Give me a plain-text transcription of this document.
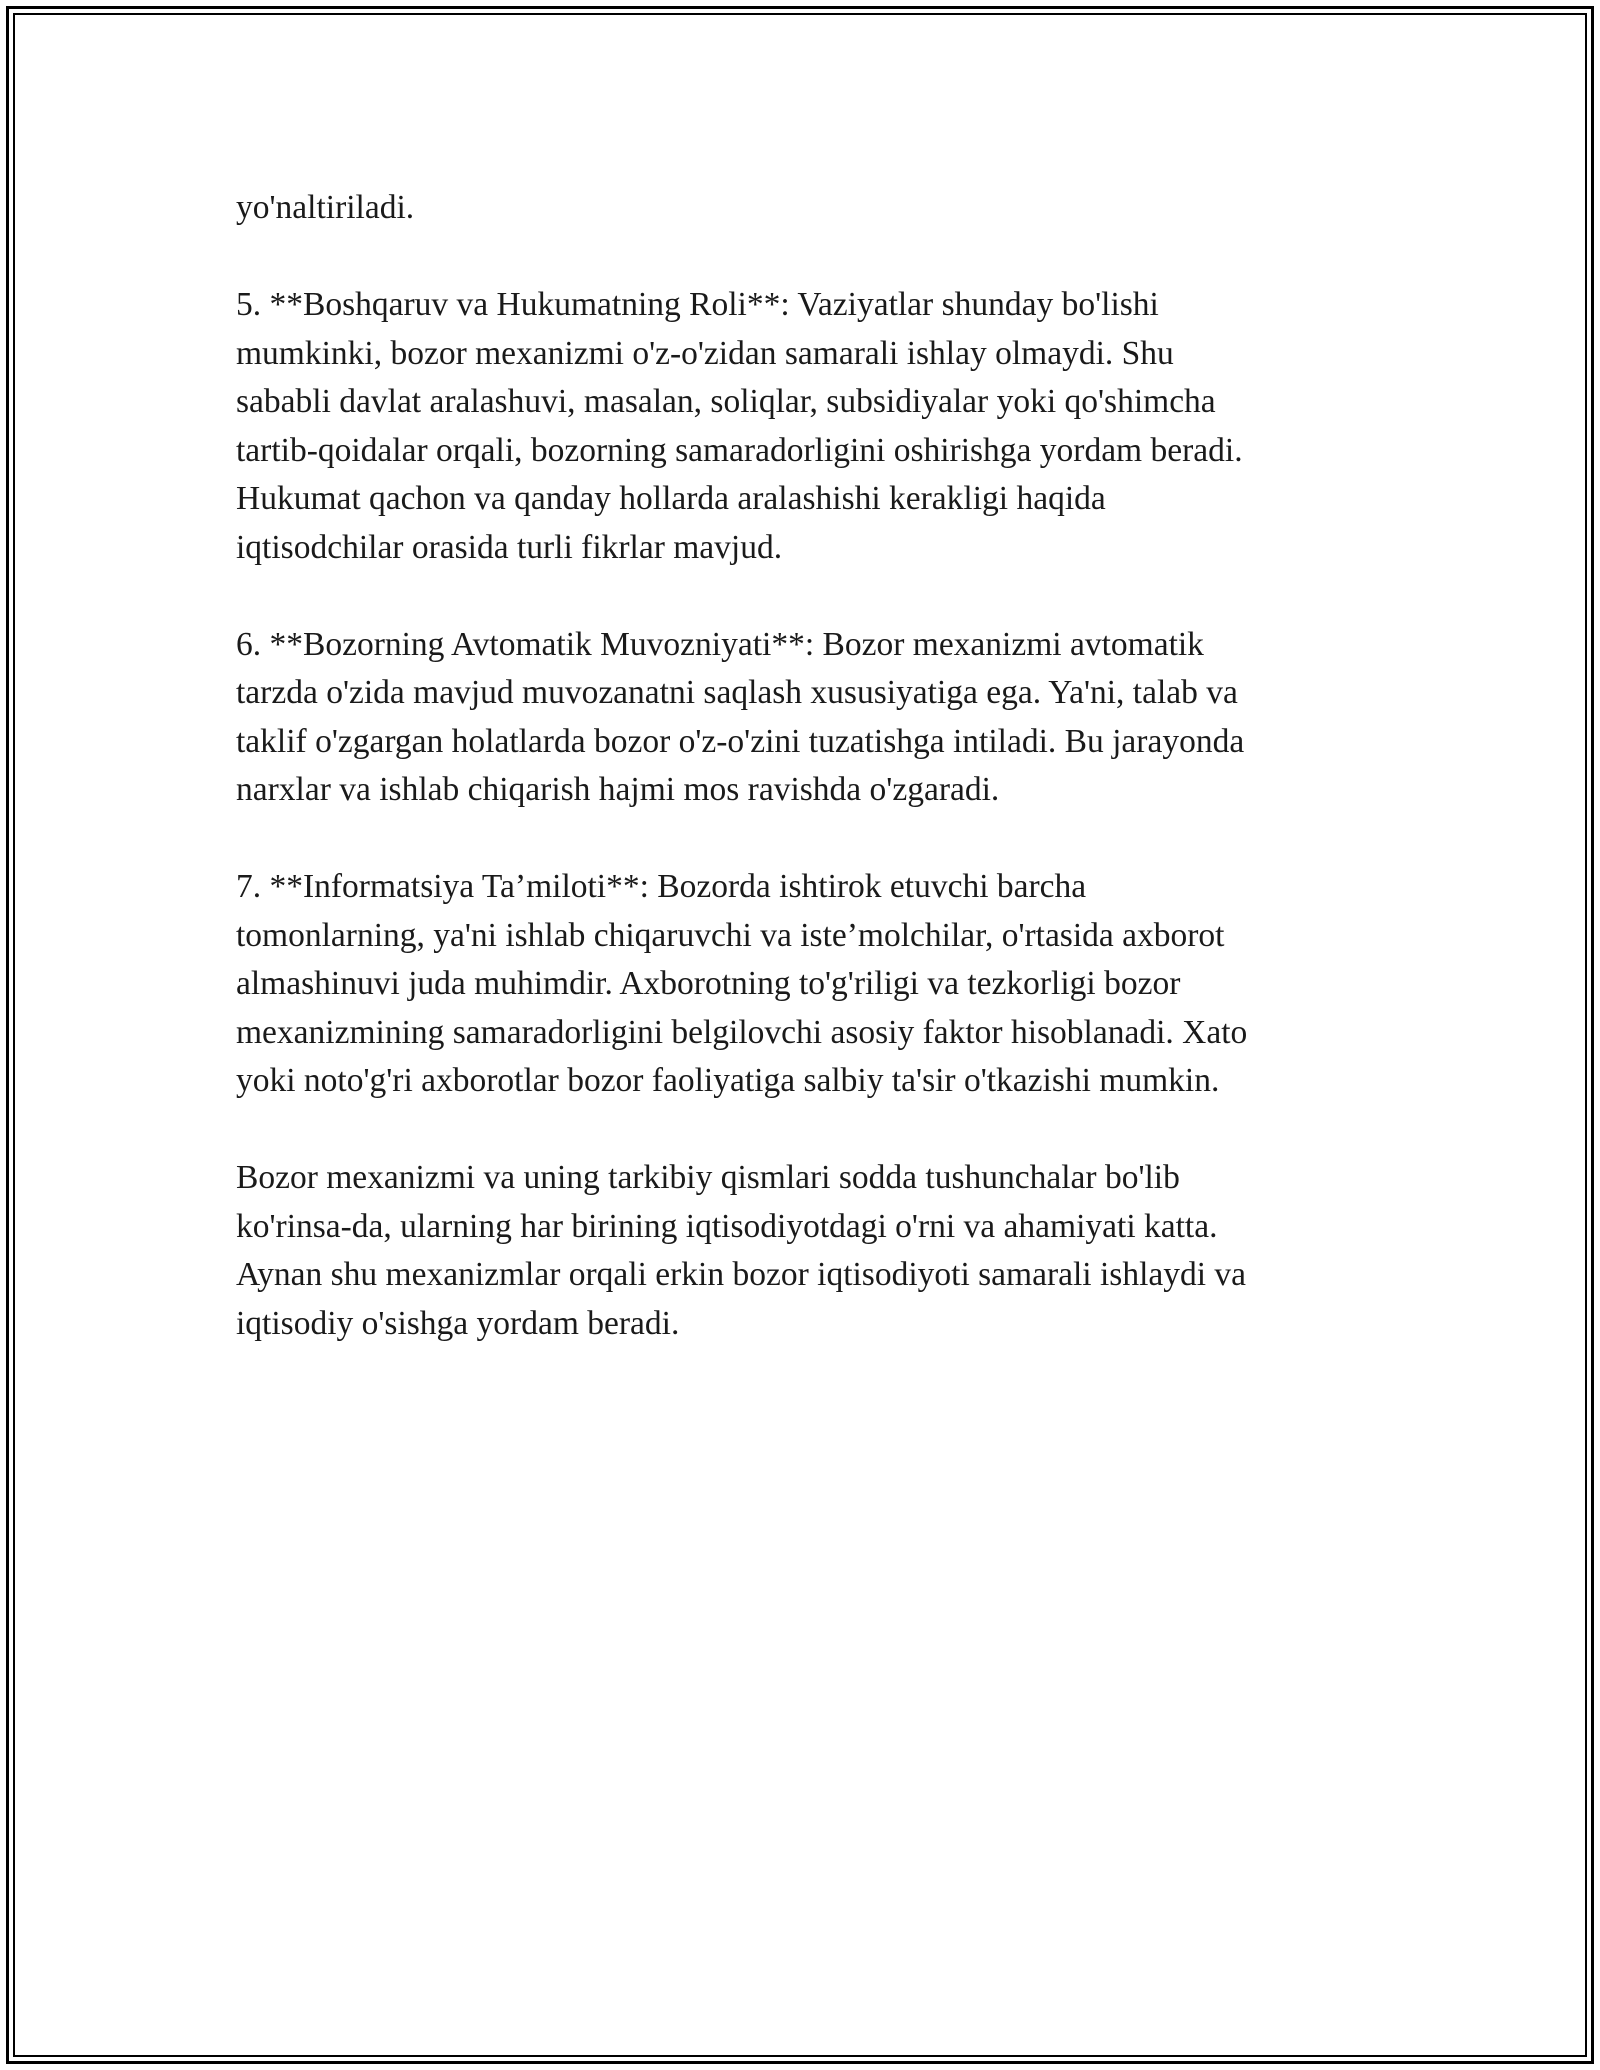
yo'naltiriladi.

5. **Boshqaruv va Hukumatning Roli**: Vaziyatlar shunday bo'lishi
mumkinki, bozor mexanizmi o'z-o'zidan samarali ishlay olmaydi. Shu
sababli davlat aralashuvi, masalan, soliqlar, subsidiyalar yoki qo'shimcha
tartib-qoidalar orqali, bozorning samaradorligini oshirishga yordam beradi.
Hukumat qachon va qanday hollarda aralashishi kerakligi haqida
iqtisodchilar orasida turli fikrlar mavjud.

6. **Bozorning Avtomatik Muvozniyati**: Bozor mexanizmi avtomatik
tarzda o'zida mavjud muvozanatni saqlash xususiyatiga ega. Ya'ni, talab va
taklif o'zgargan holatlarda bozor o'z-o'zini tuzatishga intiladi. Bu jarayonda
narxlar va ishlab chiqarish hajmi mos ravishda o'zgaradi.

7. **Informatsiya Ta’miloti**: Bozorda ishtirok etuvchi barcha
tomonlarning, ya'ni ishlab chiqaruvchi va iste’molchilar, o'rtasida axborot
almashinuvi juda muhimdir. Axborotning to'g'riligi va tezkorligi bozor
mexanizmining samaradorligini belgilovchi asosiy faktor hisoblanadi. Xato
yoki noto'g'ri axborotlar bozor faoliyatiga salbiy ta'sir o'tkazishi mumkin.

Bozor mexanizmi va uning tarkibiy qismlari sodda tushunchalar bo'lib
ko'rinsa-da, ularning har birining iqtisodiyotdagi o'rni va ahamiyati katta.
Aynan shu mexanizmlar orqali erkin bozor iqtisodiyoti samarali ishlaydi va
iqtisodiy o'sishga yordam beradi.
